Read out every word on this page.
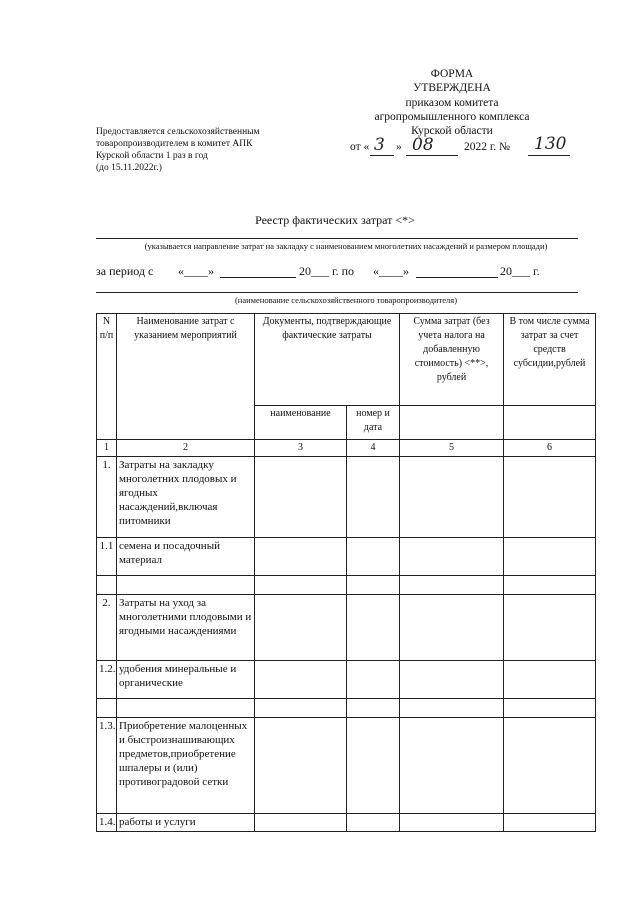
ФОРМА
УТВЕРЖДЕНА
приказом комитета
агропромышленного комплекса
Курской области
от « 3 » 08	2022 г. № 130
Предоставляется сельскохозяйственным
товаропроизводителем в комитет АПК
Курской области 1 раз в год
(до 15.11.2022г.)
Реестр фактических затрат <*>
(указывается направление затрат на закладку с наименованием многолетних насаждений и размером площади)
за период с «____»	20___ г. по «____»	20___ г.
(наименование сельскохозяйственного товаропроизводителя)
N п/п	Наименование затрат с указанием мероприятий	Документы, подтверждающие фактические затраты		Сумма затрат (без учета налога на добавленную стоимость) <**>, рублей	В том числе сумма затрат за счет средств субсидии,рублей
		наименование	номер и дата		
1	2	3	4	5	6
1.	Затраты на закладку многолетних плодовых и ягодных насаждений,включая питомники				
1.1	семена и посадочный материал				

2.	Затраты на уход за многолетними плодовыми и ягодными насаждениями				
1.2.	удобения минеральные и органические				

1.3.	Приобретение малоценных и быстроизнашивающих предметов,приобретение шпалеры и (или) противоградовой сетки				
1.4.	работы и услуги				
